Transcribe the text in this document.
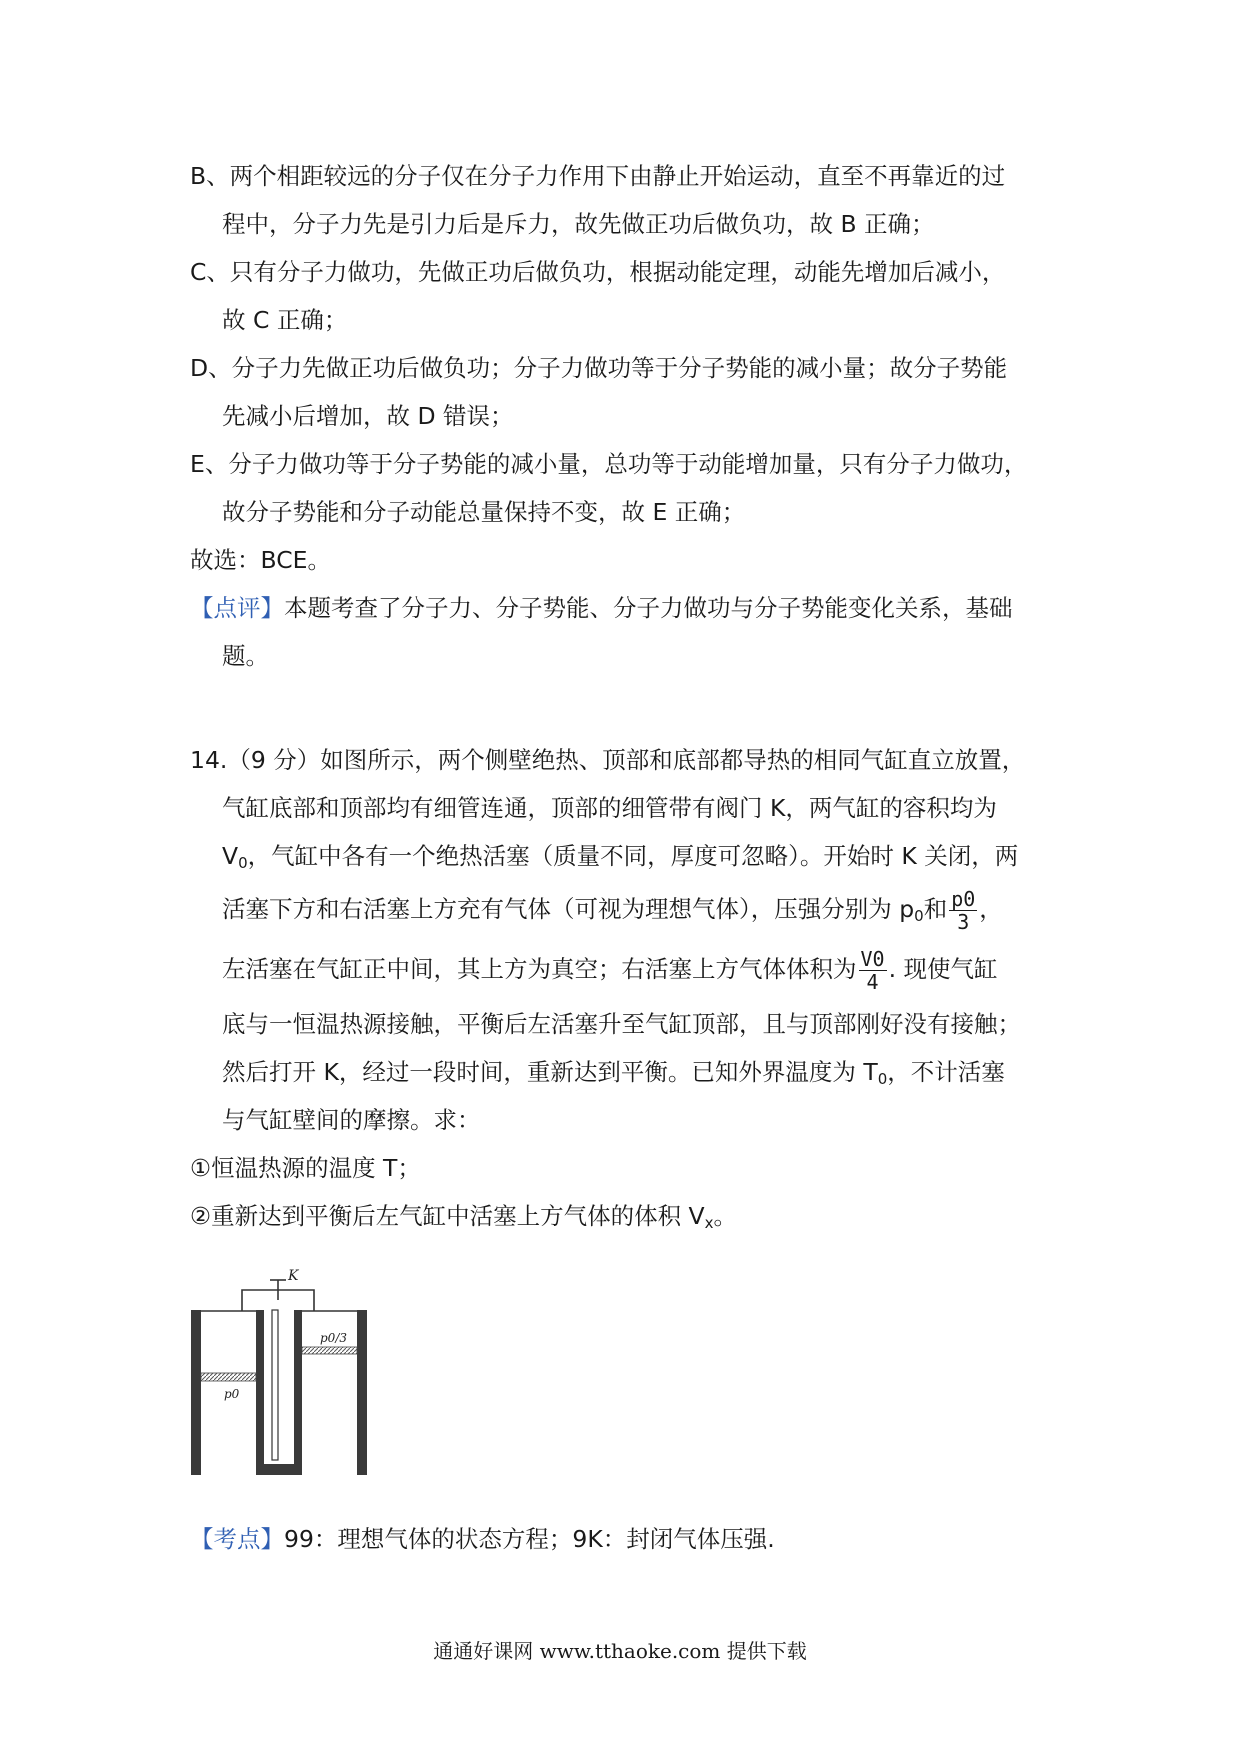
B、两个相距较远的分子仅在分子力作用下由静止开始运动，直至不再靠近的过
程中，分子力先是引力后是斥力，故先做正功后做负功，故 B 正确；
C、只有分子力做功，先做正功后做负功，根据动能定理，动能先增加后减小，
故 C 正确；
D、分子力先做正功后做负功；分子力做功等于分子势能的减小量；故分子势能
先减小后增加，故 D 错误；
E、分子力做功等于分子势能的减小量，总功等于动能增加量，只有分子力做功，
故分子势能和分子动能总量保持不变，故 E 正确；
故选：BCE。
【点评】本题考查了分子力、分子势能、分子力做功与分子势能变化关系，基础
题。
14.（9 分）如图所示，两个侧壁绝热、顶部和底部都导热的相同气缸直立放置，
气缸底部和顶部均有细管连通，顶部的细管带有阀门 K，两气缸的容积均为
$V_0$，气缸中各有一个绝热活塞（质量不同，厚度可忽略）。开始时 K 关闭，两
活塞下方和右活塞上方充有气体（可视为理想气体），压强分别为 $p_0$和 $\frac{p0}{3}$ ，
左活塞在气缸正中间，其上方为真空；右活塞上方气体体积为 $\frac{V0}{4}$ . 现使气缸
底与一恒温热源接触，平衡后左活塞升至气缸顶部，且与顶部刚好没有接触；
然后打开 K，经过一段时间，重新达到平衡。已知外界温度为 $T_0$，不计活塞
与气缸壁间的摩擦。求：
①恒温热源的温度 T；
②重新达到平衡后左气缸中活塞上方气体的体积 $V_x$。
K
p0/3
p0
【考点】99：理想气体的状态方程；9K：封闭气体压强.
通通好课网 www.tthaoke.com 提供下载
